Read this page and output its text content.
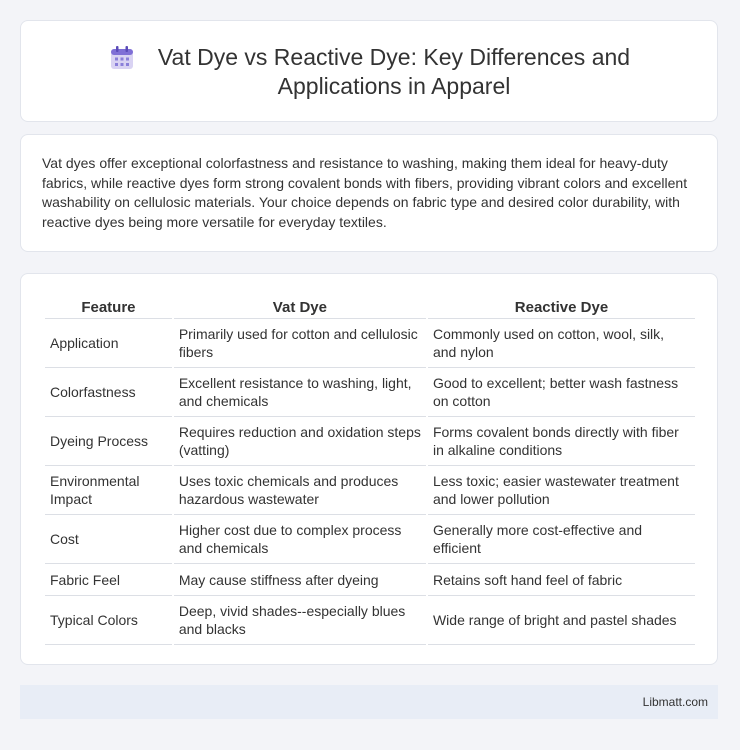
Vat Dye vs Reactive Dye: Key Differences and Applications in Apparel

Vat dyes offer exceptional colorfastness and resistance to washing, making them ideal for heavy-duty fabrics, while reactive dyes form strong covalent bonds with fibers, providing vibrant colors and excellent washability on cellulosic materials. Your choice depends on fabric type and desired color durability, with reactive dyes being more versatile for everyday textiles.

Feature	Vat Dye	Reactive Dye
Application	Primarily used for cotton and cellulosic fibers	Commonly used on cotton, wool, silk, and nylon
Colorfastness	Excellent resistance to washing, light, and chemicals	Good to excellent; better wash fastness on cotton
Dyeing Process	Requires reduction and oxidation steps (vatting)	Forms covalent bonds directly with fiber in alkaline conditions
Environmental Impact	Uses toxic chemicals and produces hazardous wastewater	Less toxic; easier wastewater treatment and lower pollution
Cost	Higher cost due to complex process and chemicals	Generally more cost-effective and efficient
Fabric Feel	May cause stiffness after dyeing	Retains soft hand feel of fabric
Typical Colors	Deep, vivid shades--especially blues and blacks	Wide range of bright and pastel shades
Libmatt.com
